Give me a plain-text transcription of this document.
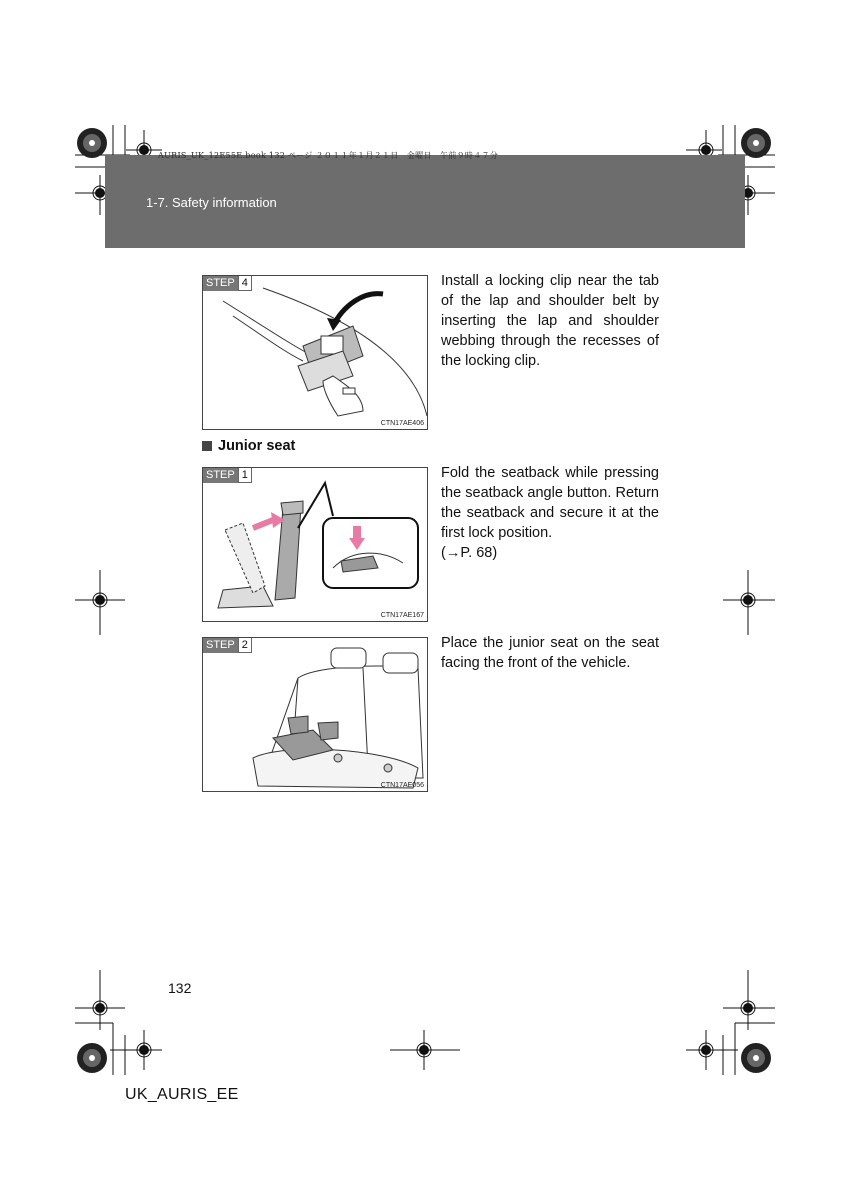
AURIS_UK_12E55E.book 132 ページ ２０１１年１月２１日　金曜日　午前９時４７分
1-7. Safety information
STEP 4
CTN17AE406
Install a locking clip near the tab of the lap and shoulder belt by inserting the lap and shoulder webbing through the recesses of the locking clip.
Junior seat
STEP 1
CTN17AE167
Fold the seatback while pressing the seatback angle button. Return the seatback and secure it at the first lock position.
(→P. 68)
STEP 2
CTN17AE056
Place the junior seat on the seat facing the front of the vehicle.
132
UK_AURIS_EE
